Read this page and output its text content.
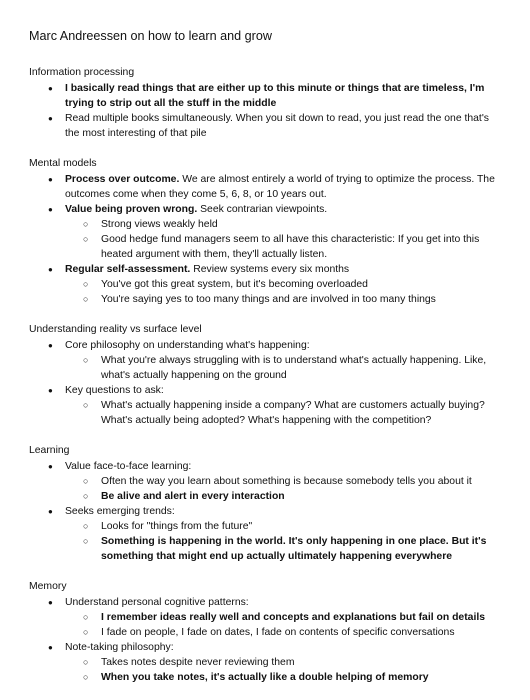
Marc Andreessen on how to learn and grow
Information processing
● I basically read things that are either up to this minute or things that are timeless, I'm trying to strip out all the stuff in the middle
● Read multiple books simultaneously. When you sit down to read, you just read the one that's the most interesting of that pile
Mental models
● Process over outcome. We are almost entirely a world of trying to optimize the process. The outcomes come when they come 5, 6, 8, or 10 years out.
● Value being proven wrong. Seek contrarian viewpoints.
○ Strong views weakly held
○ Good hedge fund managers seem to all have this characteristic: If you get into this heated argument with them, they'll actually listen.
● Regular self-assessment. Review systems every six months
○ You've got this great system, but it's becoming overloaded
○ You're saying yes to too many things and are involved in too many things
Understanding reality vs surface level
● Core philosophy on understanding what's happening:
○ What you're always struggling with is to understand what's actually happening. Like, what's actually happening on the ground
● Key questions to ask:
○ What's actually happening inside a company? What are customers actually buying? What's actually being adopted? What's happening with the competition?
Learning
● Value face-to-face learning:
○ Often the way you learn about something is because somebody tells you about it
○ Be alive and alert in every interaction
● Seeks emerging trends:
○ Looks for "things from the future"
○ Something is happening in the world. It's only happening in one place. But it's something that might end up actually ultimately happening everywhere
Memory
● Understand personal cognitive patterns:
○ I remember ideas really well and concepts and explanations but fail on details
○ I fade on people, I fade on dates, I fade on contents of specific conversations
● Note-taking philosophy:
○ Takes notes despite never reviewing them
○ When you take notes, it's actually like a double helping of memory
